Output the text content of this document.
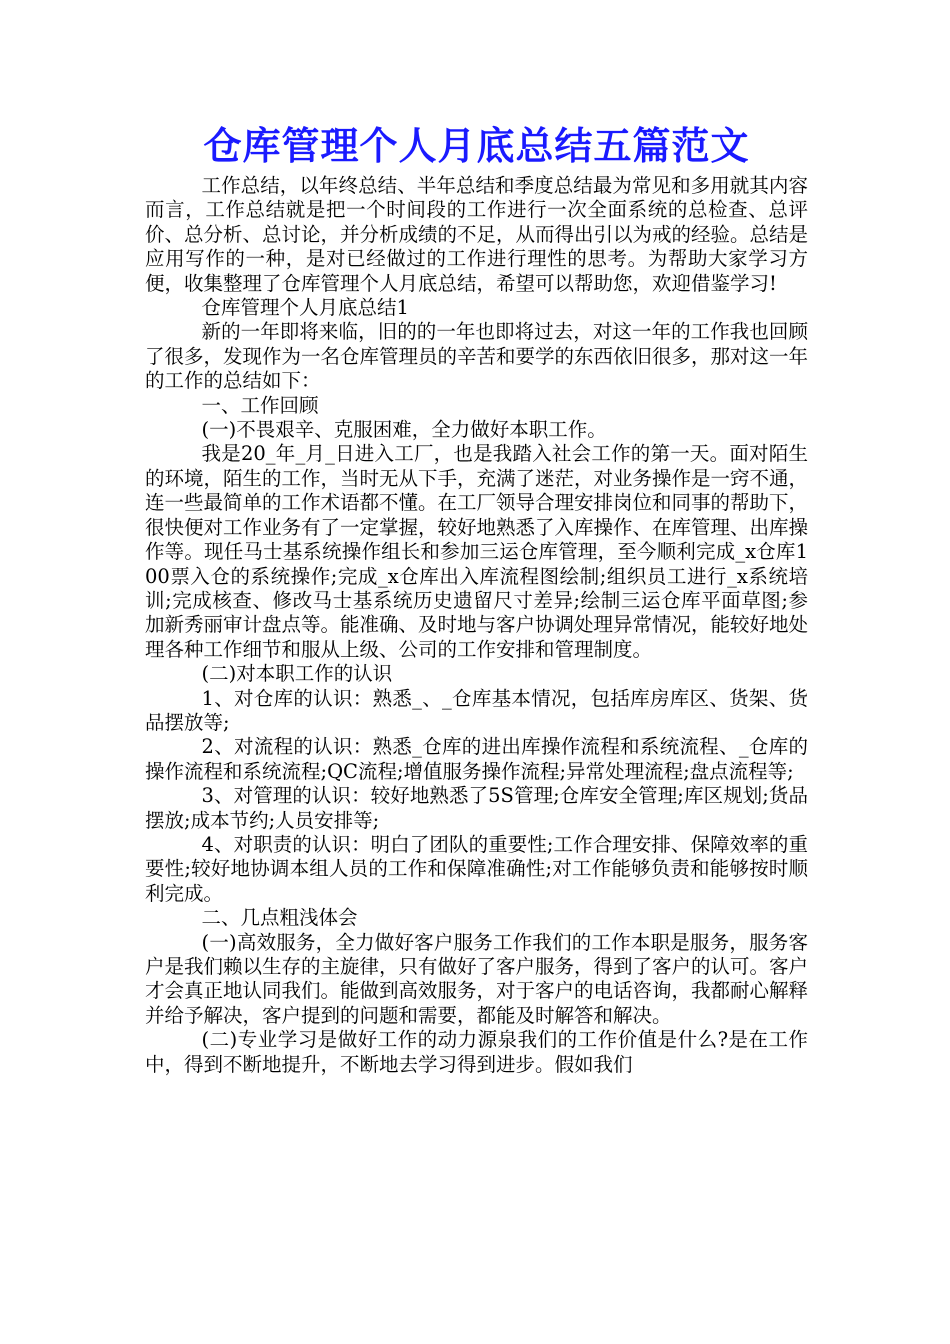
仓库管理个人月底总结五篇范文

工作总结，以年终总结、半年总结和季度总结最为常见和多用就其内容而言，工作总结就是把一个时间段的工作进行一次全面系统的总检查、总评价、总分析、总讨论，并分析成绩的不足，从而得出引以为戒的经验。总结是应用写作的一种，是对已经做过的工作进行理性的思考。为帮助大家学习方便，收集整理了仓库管理个人月底总结，希望可以帮助您，欢迎借鉴学习!

仓库管理个人月底总结1

新的一年即将来临，旧的的一年也即将过去，对这一年的工作我也回顾了很多，发现作为一名仓库管理员的辛苦和要学的东西依旧很多，那对这一年的工作的总结如下：

一、工作回顾

(一)不畏艰辛、克服困难，全力做好本职工作。

我是20_年_月_日进入工厂，也是我踏入社会工作的第一天。面对陌生的环境，陌生的工作，当时无从下手，充满了迷茫，对业务操作是一窍不通，连一些最简单的工作术语都不懂。在工厂领导合理安排岗位和同事的帮助下，很快便对工作业务有了一定掌握，较好地熟悉了入库操作、在库管理、出库操作等。现任马士基系统操作组长和参加三运仓库管理，至今顺利完成_x仓库100票入仓的系统操作;完成_x仓库出入库流程图绘制;组织员工进行_x系统培训;完成核查、修改马士基系统历史遗留尺寸差异;绘制三运仓库平面草图;参加新秀丽审计盘点等。能准确、及时地与客户协调处理异常情况，能较好地处理各种工作细节和服从上级、公司的工作安排和管理制度。

(二)对本职工作的认识

1、对仓库的认识：熟悉_、_仓库基本情况，包括库房库区、货架、货品摆放等;

2、对流程的认识：熟悉_仓库的进出库操作流程和系统流程、_仓库的操作流程和系统流程;QC流程;增值服务操作流程;异常处理流程;盘点流程等;

3、对管理的认识：较好地熟悉了5S管理;仓库安全管理;库区规划;货品摆放;成本节约;人员安排等;

4、对职责的认识：明白了团队的重要性;工作合理安排、保障效率的重要性;较好地协调本组人员的工作和保障准确性;对工作能够负责和能够按时顺利完成。

二、几点粗浅体会

(一)高效服务，全力做好客户服务工作我们的工作本职是服务，服务客户是我们赖以生存的主旋律，只有做好了客户服务，得到了客户的认可。客户才会真正地认同我们。能做到高效服务，对于客户的电话咨询，我都耐心解释并给予解决，客户提到的问题和需要，都能及时解答和解决。

(二)专业学习是做好工作的动力源泉我们的工作价值是什么?是在工作中，得到不断地提升，不断地去学习得到进步。假如我们
